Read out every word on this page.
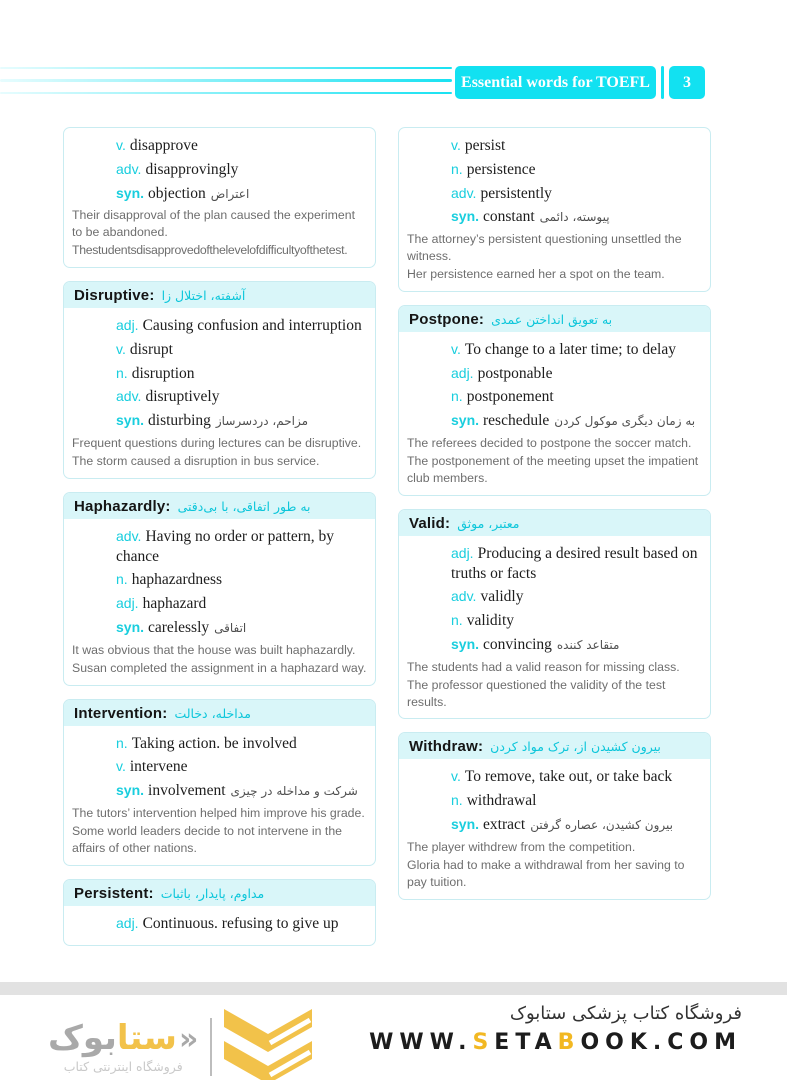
Essential words for TOEFL	3
v. disapprove
adv. disapprovingly
syn. objection اعتراض

Their disapproval of the plan caused the experiment to be abandoned.

The students disapproved of the level of difficulty of the test.

Disruptive: آشفته، اختلال زا
adj. Causing confusion and interruption
v. disrupt
n. disruption
adv. disruptively
syn. disturbing مزاحم، دردسرساز

Frequent questions during lectures can be disruptive.

The storm caused a disruption in bus service.

Haphazardly: به طور اتفاقی، با بی‌دقتی
adv. Having no order or pattern, by chance
n. haphazardness
adj. haphazard
syn. carelessly اتفاقی

It was obvious that the house was built haphazardly.

Susan completed the assignment in a haphazard way.

Intervention: مداخله، دخالت
n. Taking action. be involved
v. intervene
syn. involvement شرکت و مداخله در چیزی

The tutors’ intervention helped him improve his grade.

Some world leaders decide to not intervene in the affairs of other nations.

Persistent: مداوم، پایدار، باثبات
adj. Continuous. refusing to give up
v. persist
n. persistence
adv. persistently
syn. constant پیوسته، دائمی

The attorney’s persistent questioning unsettled the witness.

Her persistence earned her a spot on the team.

Postpone: به تعویق انداختن عمدی
v. To change to a later time; to delay
adj. postponable
n. postponement
syn. reschedule به زمان دیگری موکول کردن

The referees decided to postpone the soccer match.

The postponement of the meeting upset the impatient club members.

Valid: معتبر، موثق
adj. Producing a desired result based on truths or facts
adv. validly
n. validity
syn. convincing متقاعد کننده

The students had a valid reason for missing class.

The professor questioned the validity of the test results.

Withdraw: بیرون کشیدن از، ترک مواد کردن
v. To remove, take out, or take back
n. withdrawal
syn. extract بیرون کشیدن، عصاره گرفتن

The player withdrew from the competition.

Gloria had to make a withdrawal from her saving to pay tuition.

«ستابوک
فروشگاه اینترنتی کتاب
فروشگاه کتاب پزشکی ستابوک
WWW.SETABOOK.COM
